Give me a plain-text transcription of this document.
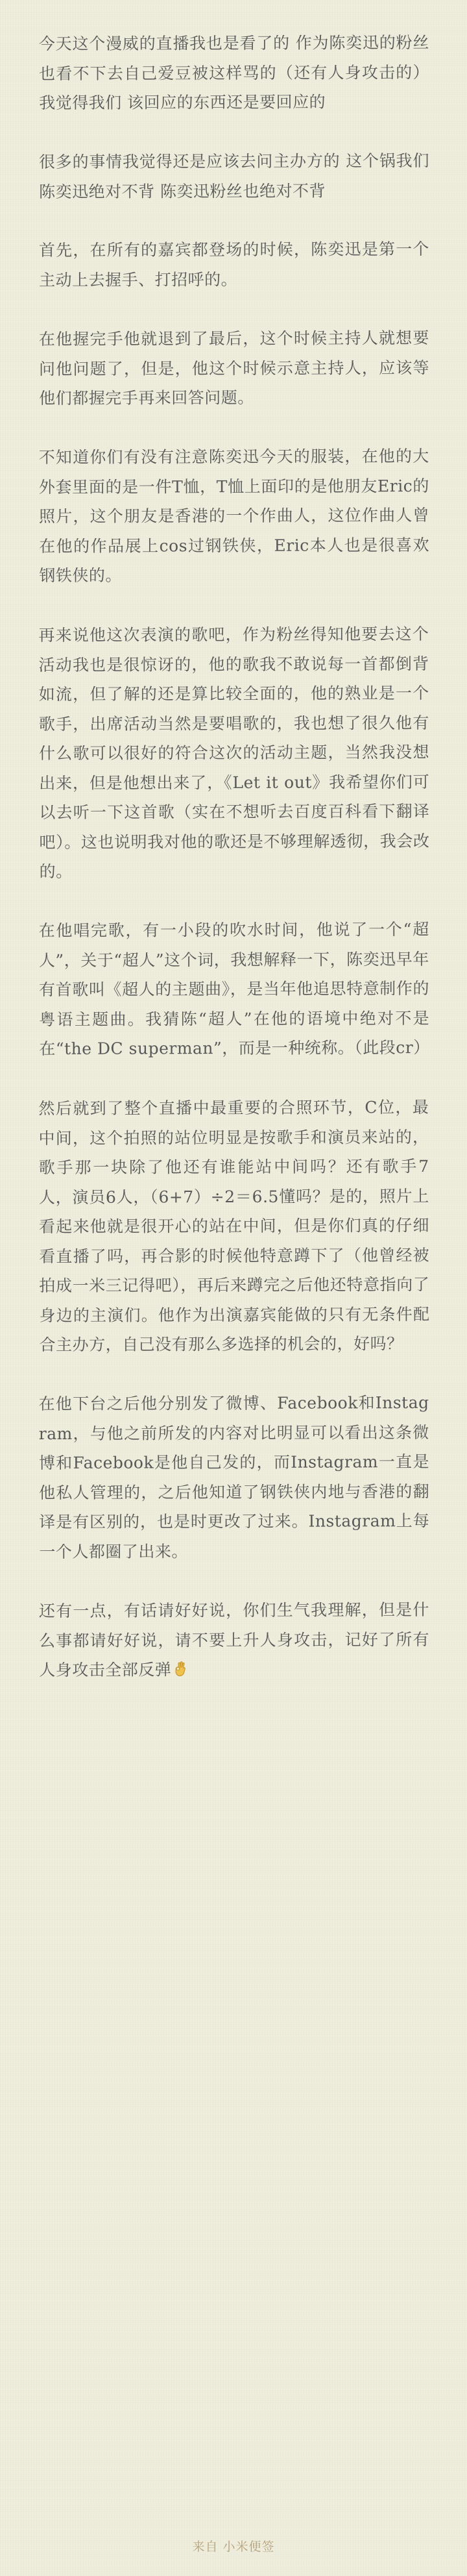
今天这个漫威的直播我也是看了的 作为陈奕迅的粉丝也看不下去自己爱豆被这样骂的（还有人身攻击的） 我觉得我们 该回应的东西还是要回应的

很多的事情我觉得还是应该去问主办方的 这个锅我们陈奕迅绝对不背 陈奕迅粉丝也绝对不背

首先，在所有的嘉宾都登场的时候，陈奕迅是第一个主动上去握手、打招呼的。

在他握完手他就退到了最后，这个时候主持人就想要问他问题了，但是，他这个时候示意主持人，应该等他们都握完手再来回答问题。

不知道你们有没有注意陈奕迅今天的服装，在他的大外套里面的是一件T恤，T恤上面印的是他朋友Eric的照片，这个朋友是香港的一个作曲人，这位作曲人曾在他的作品展上cos过钢铁侠，Eric本人也是很喜欢钢铁侠的。

再来说他这次表演的歌吧，作为粉丝得知他要去这个活动我也是很惊讶的，他的歌我不敢说每一首都倒背如流，但了解的还是算比较全面的，他的熟业是一个歌手，出席活动当然是要唱歌的，我也想了很久他有什么歌可以很好的符合这次的活动主题，当然我没想出来，但是他想出来了，《Let it out》我希望你们可以去听一下这首歌（实在不想听去百度百科看下翻译吧）。这也说明我对他的歌还是不够理解透彻，我会改的。

在他唱完歌，有一小段的吹水时间，他说了一个“超人”，关于“超人”这个词，我想解释一下，陈奕迅早年有首歌叫《超人的主题曲》，是当年他追思特意制作的粤语主题曲。我猜陈“超人”在他的语境中绝对不是在“the DC superman”，而是一种统称。（此段cr）

然后就到了整个直播中最重要的合照环节，C位，最中间，这个拍照的站位明显是按歌手和演员来站的，歌手那一块除了他还有谁能站中间吗？还有歌手7人，演员6人，（6+7）÷2＝6.5懂吗？是的，照片上看起来他就是很开心的站在中间，但是你们真的仔细看直播了吗，再合影的时候他特意蹲下了（他曾经被拍成一米三记得吧），再后来蹲完之后他还特意指向了身边的主演们。他作为出演嘉宾能做的只有无条件配合主办方，自己没有那么多选择的机会的，好吗？

在他下台之后他分别发了微博、Facebook和Instagram，与他之前所发的内容对比明显可以看出这条微博和Facebook是他自己发的，而Instagram一直是他私人管理的，之后他知道了钢铁侠内地与香港的翻译是有区别的，也是时更改了过来。Instagram上每一个人都圈了出来。

还有一点，有话请好好说，你们生气我理解，但是什么事都请好好说，请不要上升人身攻击，记好了所有人身攻击全部反弹

来自 小米便签
